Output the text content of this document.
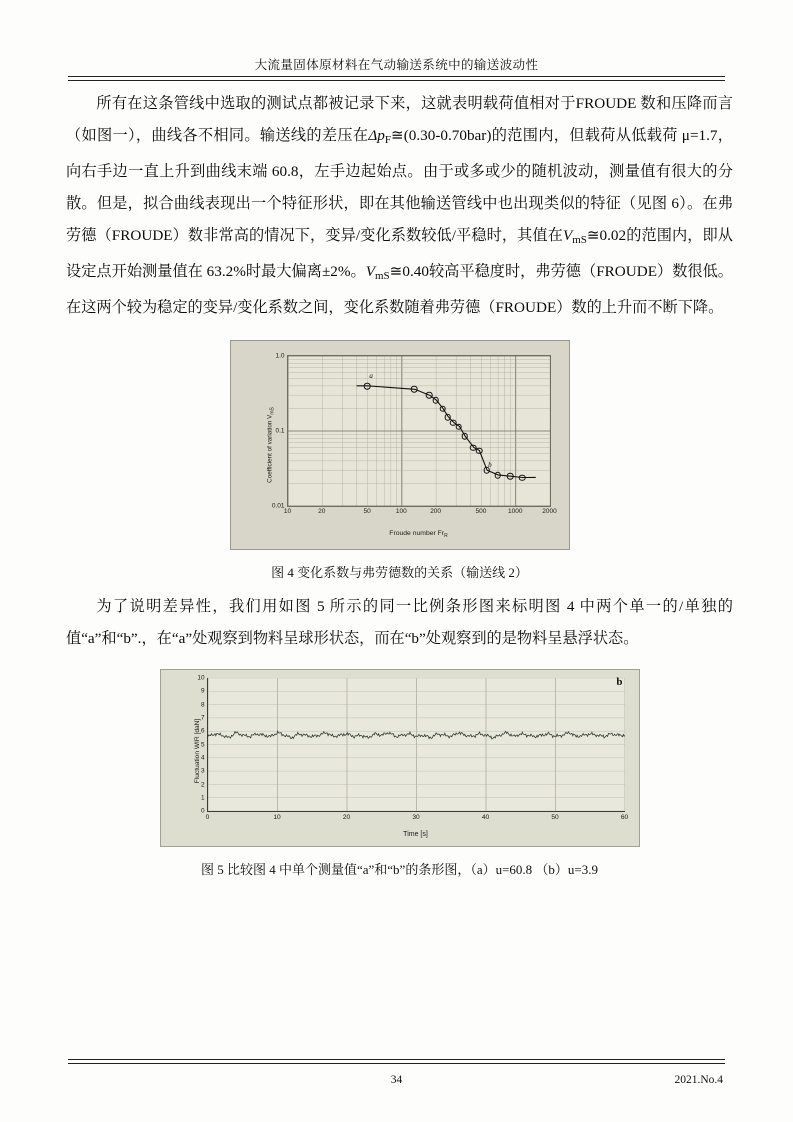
大流量固体原材料在气动输送系统中的输送波动性

所有在这条管线中选取的测试点都被记录下来，这就表明载荷值相对于FROUDE 数和压降而言（如图一），曲线各不相同。输送线的差压在$\Delta p_F≅(0.30-0.70bar)$的范围内，但载荷从低载荷 μ=1.7，向右手边一直上升到曲线末端 60.8，左手边起始点。由于或多或少的随机波动，测量值有很大的分散。但是，拟合曲线表现出一个特征形状，即在其他输送管线中也出现类似的特征（见图 6）。在弗劳德（FROUDE）数非常高的情况下，变异/变化系数较低/平稳时，其值在$V_{mS}≅0.02$的范围内，即从设定点开始测量值在 63.2%时最大偏离±2%。$V_{mS}≅0.40$较高平稳度时，弗劳德（FROUDE）数很低。在这两个较为稳定的变异/变化系数之间，变化系数随着弗劳德（FROUDE）数的上升而不断下降。

Coefficient of variation $V_{mS}$
a
b
1.0
0.1
0.01
10	20	50	100	200	500	1000	2000
Froude number $Fr_R$
图 4 变化系数与弗劳德数的关系（输送线 2）

为了说明差异性，我们用如图 5 所示的同一比例条形图来标明图 4 中两个单一的/单独的值“a”和“b”.，在“a”处观察到物料呈球形状态，而在“b”处观察到的是物料呈悬浮状态。

Fluctuation WIR [daN]
0
1
2
3
4
5
6
7
8
9
10
0	10	20	30	40	50	60
b
Time [s]
图 5 比较图 4 中单个测量值“a”和“b”的条形图，（a）u=60.8 （b）u=3.9
34	2021.No.4
